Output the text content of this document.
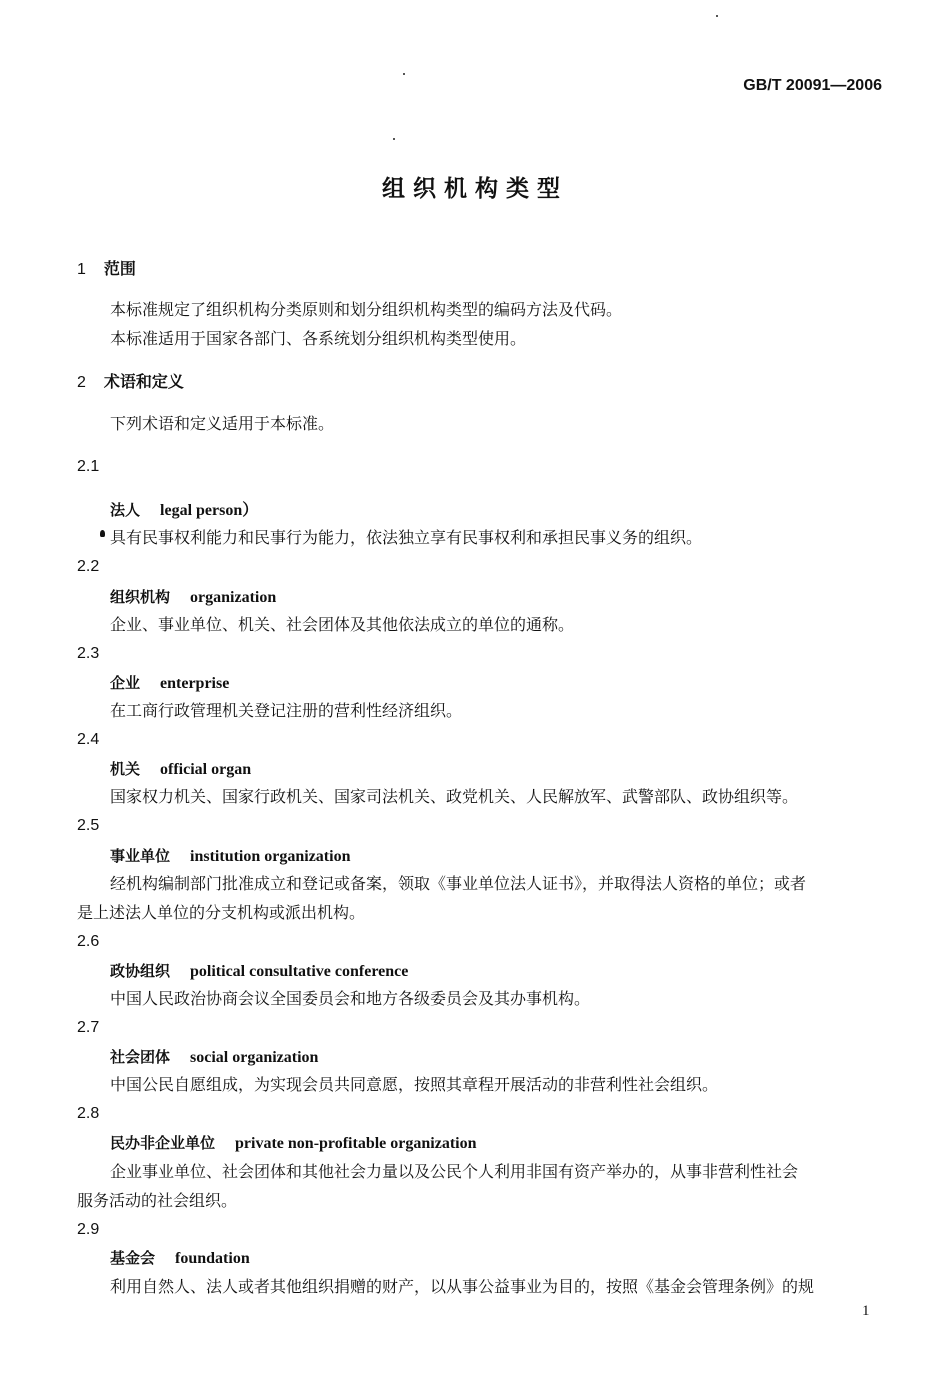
GB/T 20091—2006
组织机构类型
1 范围
本标准规定了组织机构分类原则和划分组织机构类型的编码方法及代码。
本标准适用于国家各部门、各系统划分组织机构类型使用。
2 术语和定义
下列术语和定义适用于本标准。
2.1
法人 legal person）
具有民事权利能力和民事行为能力，依法独立享有民事权利和承担民事义务的组织。
2.2
组织机构 organization
企业、事业单位、机关、社会团体及其他依法成立的单位的通称。
2.3
企业 enterprise
在工商行政管理机关登记注册的营利性经济组织。
2.4
机关 official organ
国家权力机关、国家行政机关、国家司法机关、政党机关、人民解放军、武警部队、政协组织等。
2.5
事业单位 institution organization
经机构编制部门批准成立和登记或备案，领取《事业单位法人证书》，并取得法人资格的单位；或者
是上述法人单位的分支机构或派出机构。
2.6
政协组织 political consultative conference
中国人民政治协商会议全国委员会和地方各级委员会及其办事机构。
2.7
社会团体 social organization
中国公民自愿组成，为实现会员共同意愿，按照其章程开展活动的非营利性社会组织。
2.8
民办非企业单位 private non-profitable organization
企业事业单位、社会团体和其他社会力量以及公民个人利用非国有资产举办的，从事非营利性社会
服务活动的社会组织。
2.9
基金会 foundation
利用自然人、法人或者其他组织捐赠的财产，以从事公益事业为目的，按照《基金会管理条例》的规
1
